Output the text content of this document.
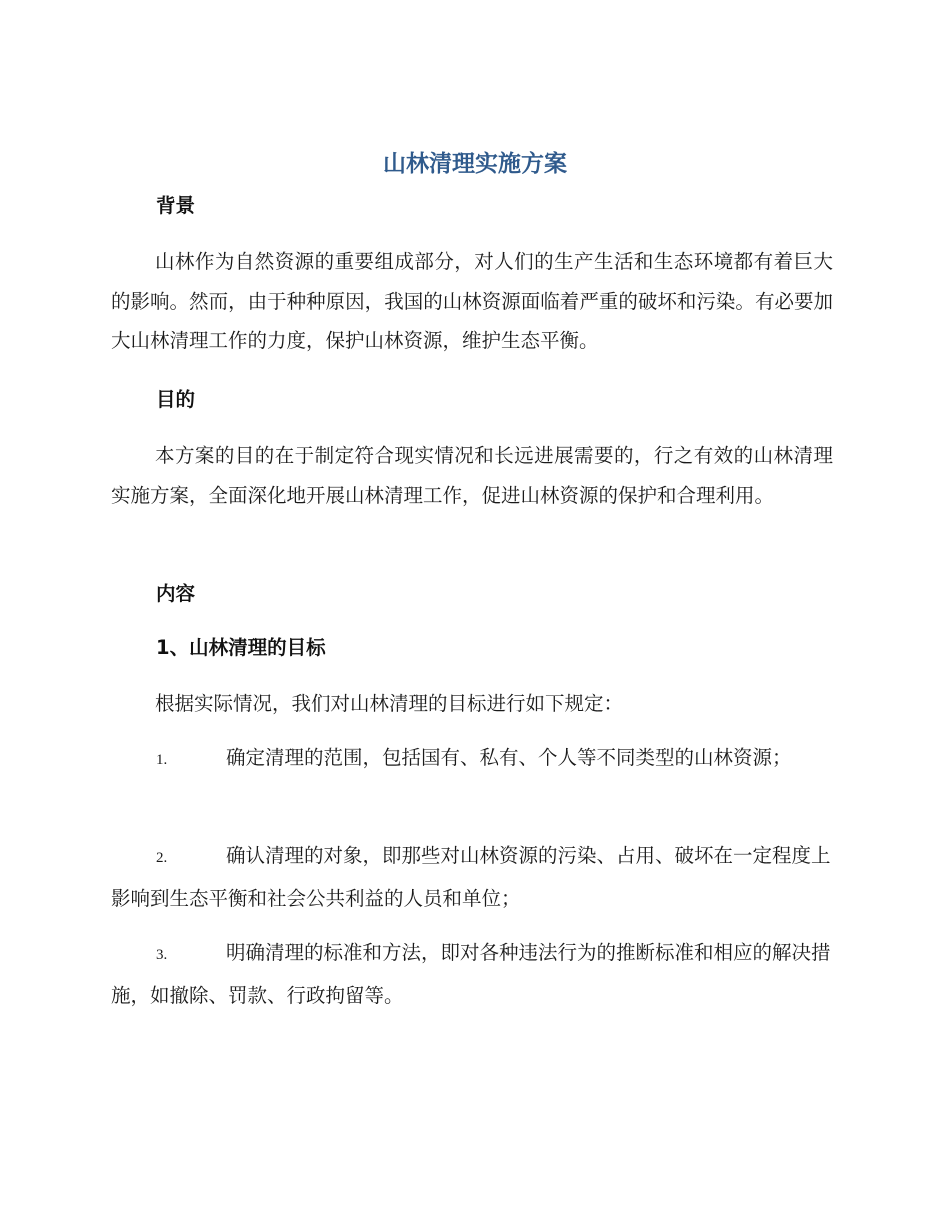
山林清理实施方案
背景

山林作为自然资源的重要组成部分，对人们的生产生活和生态环境都有着巨大的影响。然而，由于种种原因，我国的山林资源面临着严重的破坏和污染。有必要加大山林清理工作的力度，保护山林资源，维护生态平衡。

目的

本方案的目的在于制定符合现实情况和长远进展需要的，行之有效的山林清理实施方案，全面深化地开展山林清理工作，促进山林资源的保护和合理利用。

内容
1、山林清理的目标

根据实际情况，我们对山林清理的目标进行如下规定：

1.	确定清理的范围，包括国有、私有、个人等不同类型的山林资源；

2.	确认清理的对象，即那些对山林资源的污染、占用、破坏在一定程度上影响到生态平衡和社会公共利益的人员和单位；

3.	明确清理的标准和方法，即对各种违法行为的推断标准和相应的解决措施，如撤除、罚款、行政拘留等。
